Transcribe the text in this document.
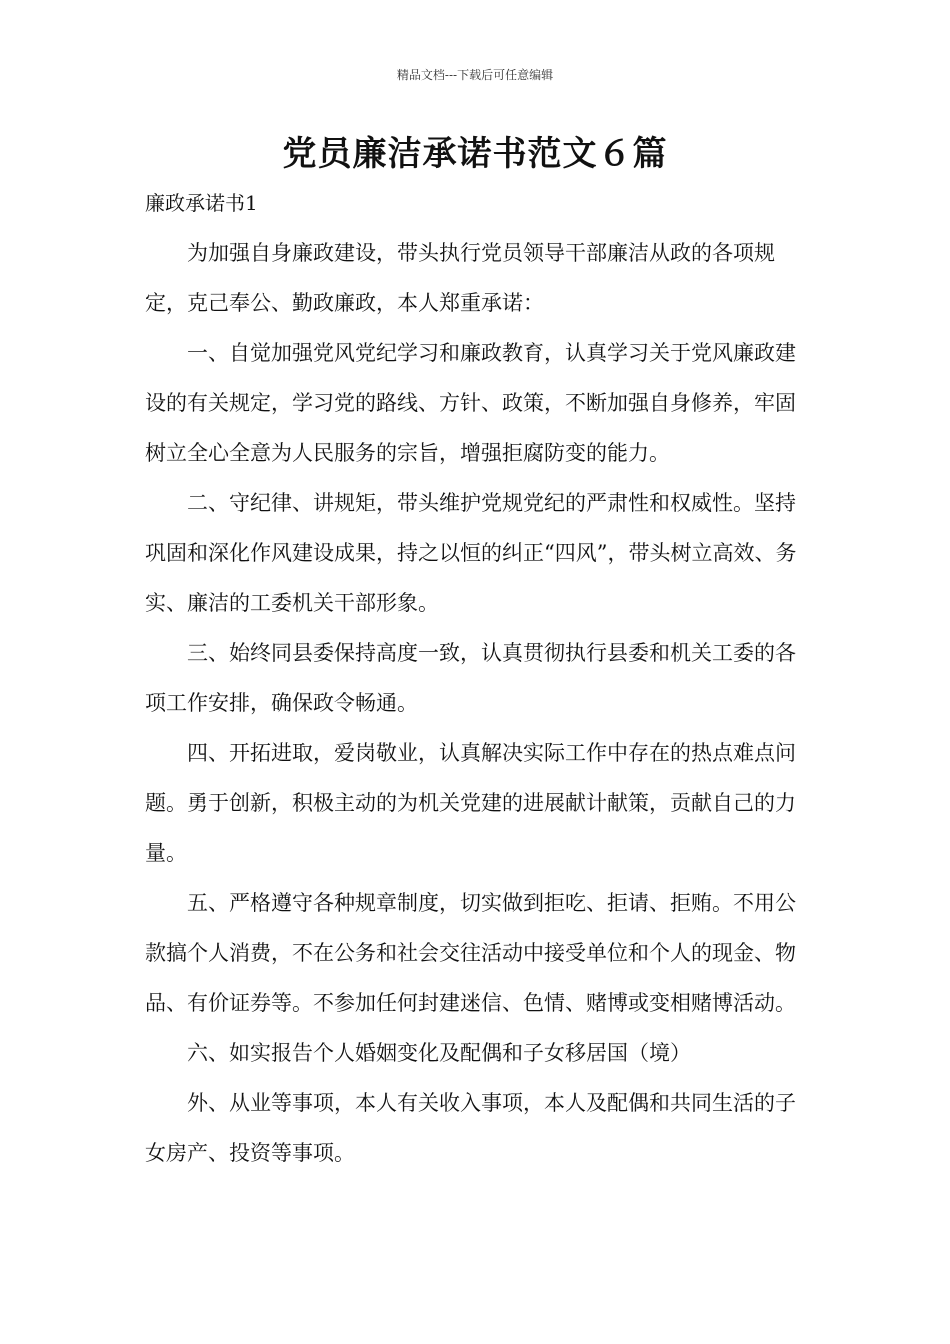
精品文档---下载后可任意编辑
党员廉洁承诺书范文６篇
廉政承诺书1

为加强自身廉政建设，带头执行党员领导干部廉洁从政的各项规定，克己奉公、勤政廉政，本人郑重承诺：

一、自觉加强党风党纪学习和廉政教育，认真学习关于党风廉政建设的有关规定，学习党的路线、方针、政策，不断加强自身修养，牢固树立全心全意为人民服务的宗旨，增强拒腐防变的能力。

二、守纪律、讲规矩，带头维护党规党纪的严肃性和权威性。坚持巩固和深化作风建设成果，持之以恒的纠正“四风”，带头树立高效、务实、廉洁的工委机关干部形象。

三、始终同县委保持高度一致，认真贯彻执行县委和机关工委的各项工作安排，确保政令畅通。

四、开拓进取，爱岗敬业，认真解决实际工作中存在的热点难点问题。勇于创新，积极主动的为机关党建的进展献计献策，贡献自己的力量。

五、严格遵守各种规章制度，切实做到拒吃、拒请、拒贿。不用公款搞个人消费，不在公务和社会交往活动中接受单位和个人的现金、物品、有价证券等。不参加任何封建迷信、色情、赌博或变相赌博活动。

六、如实报告个人婚姻变化及配偶和子女移居国（境）

外、从业等事项，本人有关收入事项，本人及配偶和共同生活的子女房产、投资等事项。
